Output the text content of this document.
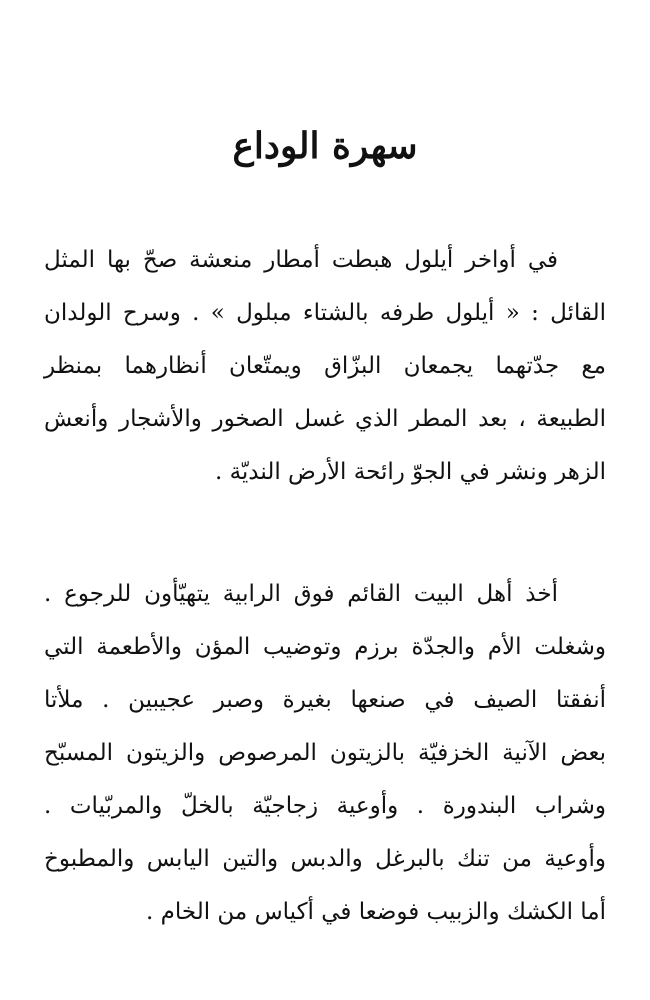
سهرة الوداع
في أواخر أيلول هبطت أمطار منعشة صحّ بها المثل
القائل : « أيلول طرفه بالشتاء مبلول » . وسرح الولدان
مع جدّتهما يجمعان البزّاق ويمتّعان أنظارهما بمنظر
الطبيعة ، بعد المطر الذي غسل الصخور والأشجار وأنعش
الزهر ونشر في الجوّ رائحة الأرض النديّة .
أخذ أهل البيت القائم فوق الرابية يتهيّأون للرجوع .
وشغلت الأم والجدّة برزم وتوضيب المؤن والأطعمة التي
أنفقتا الصيف في صنعها بغيرة وصبر عجيبين . ملأتا
بعض الآنية الخزفيّة بالزيتون المرصوص والزيتون المسبّح
وشراب البندورة . وأوعية زجاجيّة بالخلّ والمربّيات .
وأوعية من تنك بالبرغل والدبس والتين اليابس والمطبوخ
أما الكشك والزبيب فوضعا في أكياس من الخام .
